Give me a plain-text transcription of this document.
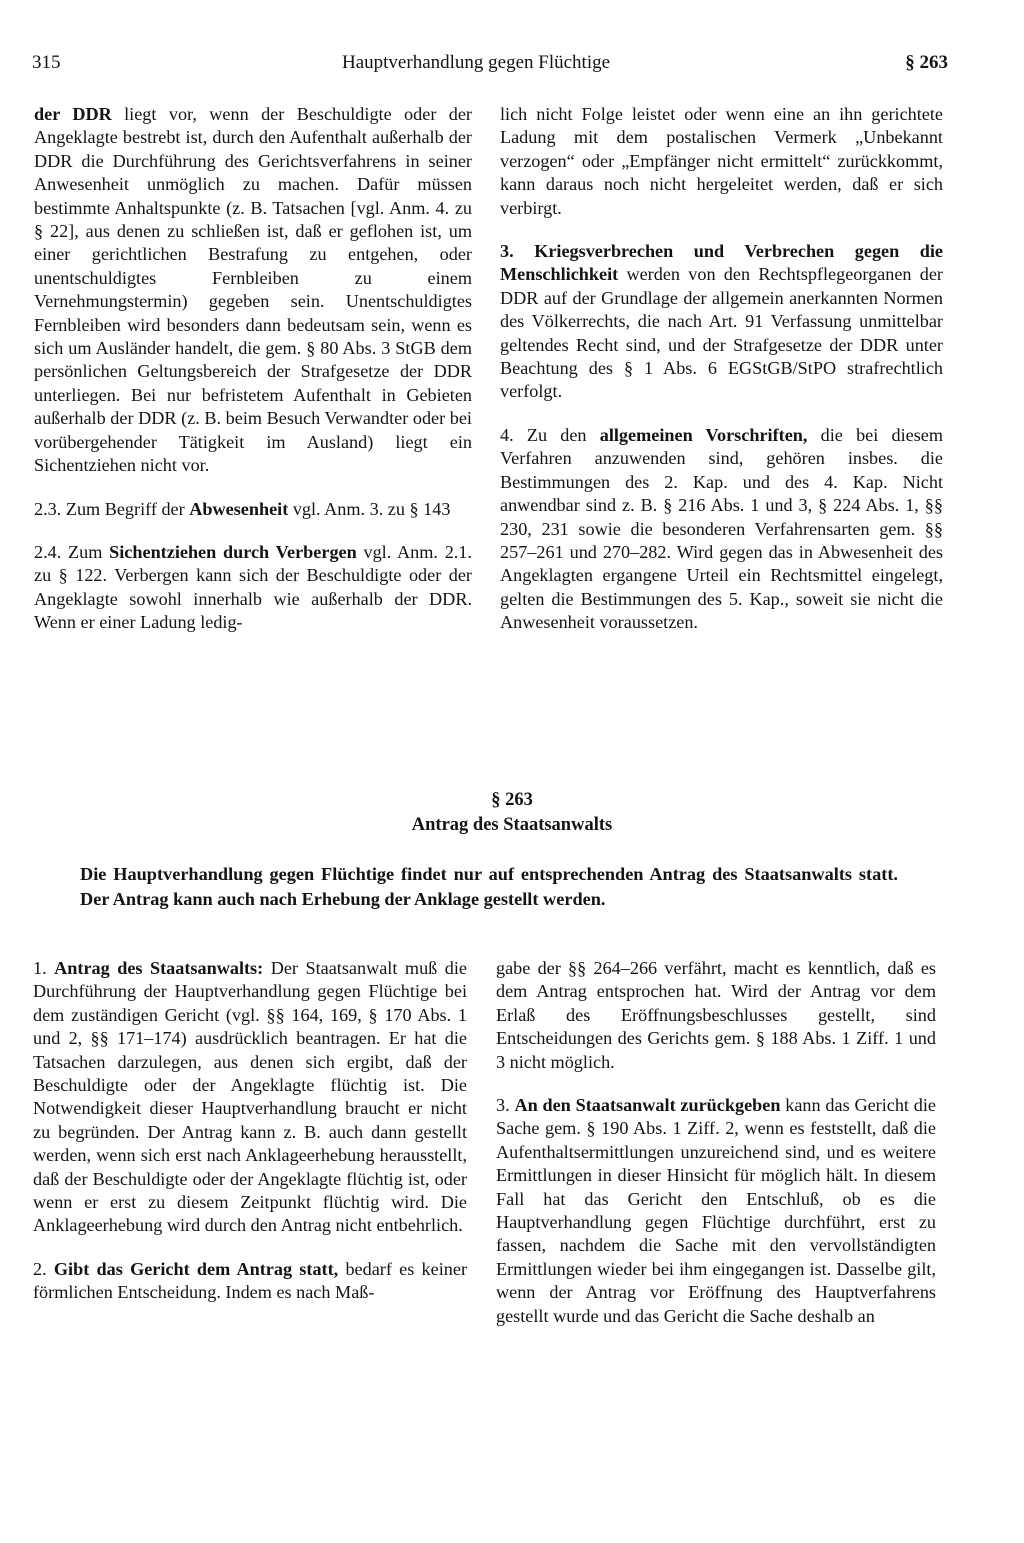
315	Hauptverhandlung gegen Flüchtige	§ 263

der DDR liegt vor, wenn der Beschuldigte oder der Angeklagte bestrebt ist, durch den Aufenthalt außerhalb der DDR die Durchführung des Gerichtsverfahrens in seiner Anwesenheit unmöglich zu machen. Dafür müssen bestimmte Anhaltspunkte (z. B. Tatsachen [vgl. Anm. 4. zu § 22], aus denen zu schließen ist, daß er geflohen ist, um einer gerichtlichen Bestrafung zu entgehen, oder unentschuldigtes Fernbleiben zu einem Vernehmungstermin) gegeben sein. Unentschuldigtes Fernbleiben wird besonders dann bedeutsam sein, wenn es sich um Ausländer handelt, die gem. § 80 Abs. 3 StGB dem persönlichen Geltungsbereich der Strafgesetze der DDR unterliegen. Bei nur befristetem Aufenthalt in Gebieten außerhalb der DDR (z. B. beim Besuch Verwandter oder bei vorübergehender Tätigkeit im Ausland) liegt ein Sichentziehen nicht vor.

2.3. Zum Begriff der Abwesenheit vgl. Anm. 3. zu § 143

2.4. Zum Sichentziehen durch Verbergen vgl. Anm. 2.1. zu § 122. Verbergen kann sich der Beschuldigte oder der Angeklagte sowohl innerhalb wie außerhalb der DDR. Wenn er einer Ladung ledig-

lich nicht Folge leistet oder wenn eine an ihn gerichtete Ladung mit dem postalischen Vermerk „Unbekannt verzogen“ oder „Empfänger nicht ermittelt“ zurückkommt, kann daraus noch nicht hergeleitet werden, daß er sich verbirgt.

3. Kriegsverbrechen und Verbrechen gegen die Menschlichkeit werden von den Rechtspflegeorganen der DDR auf der Grundlage der allgemein anerkannten Normen des Völkerrechts, die nach Art. 91 Verfassung unmittelbar geltendes Recht sind, und der Strafgesetze der DDR unter Beachtung des § 1 Abs. 6 EGStGB/StPO strafrechtlich verfolgt.

4. Zu den allgemeinen Vorschriften, die bei diesem Verfahren anzuwenden sind, gehören insbes. die Bestimmungen des 2. Kap. und des 4. Kap. Nicht anwendbar sind z. B. § 216 Abs. 1 und 3, § 224 Abs. 1, §§ 230, 231 sowie die besonderen Verfahrensarten gem. §§ 257–261 und 270–282. Wird gegen das in Abwesenheit des Angeklagten ergangene Urteil ein Rechtsmittel eingelegt, gelten die Bestimmungen des 5. Kap., soweit sie nicht die Anwesenheit voraussetzen.

§ 263
Antrag des Staatsanwalts
Die Hauptverhandlung gegen Flüchtige findet nur auf entsprechenden Antrag des Staatsanwalts statt. Der Antrag kann auch nach Erhebung der Anklage gestellt werden.

1. Antrag des Staatsanwalts: Der Staatsanwalt muß die Durchführung der Hauptverhandlung gegen Flüchtige bei dem zuständigen Gericht (vgl. §§ 164, 169, § 170 Abs. 1 und 2, §§ 171–174) ausdrücklich beantragen. Er hat die Tatsachen darzulegen, aus denen sich ergibt, daß der Beschuldigte oder der Angeklagte flüchtig ist. Die Notwendigkeit dieser Hauptverhandlung braucht er nicht zu begründen. Der Antrag kann z. B. auch dann gestellt werden, wenn sich erst nach Anklageerhebung herausstellt, daß der Beschuldigte oder der Angeklagte flüchtig ist, oder wenn er erst zu diesem Zeitpunkt flüchtig wird. Die Anklageerhebung wird durch den Antrag nicht entbehrlich.

2. Gibt das Gericht dem Antrag statt, bedarf es keiner förmlichen Entscheidung. Indem es nach Maß-

gabe der §§ 264–266 verfährt, macht es kenntlich, daß es dem Antrag entsprochen hat. Wird der Antrag vor dem Erlaß des Eröffnungsbeschlusses gestellt, sind Entscheidungen des Gerichts gem. § 188 Abs. 1 Ziff. 1 und 3 nicht möglich.

3. An den Staatsanwalt zurückgeben kann das Gericht die Sache gem. § 190 Abs. 1 Ziff. 2, wenn es feststellt, daß die Aufenthaltsermittlungen unzureichend sind, und es weitere Ermittlungen in dieser Hinsicht für möglich hält. In diesem Fall hat das Gericht den Entschluß, ob es die Hauptverhandlung gegen Flüchtige durchführt, erst zu fassen, nachdem die Sache mit den vervollständigten Ermittlungen wieder bei ihm eingegangen ist. Dasselbe gilt, wenn der Antrag vor Eröffnung des Hauptverfahrens gestellt wurde und das Gericht die Sache deshalb an
